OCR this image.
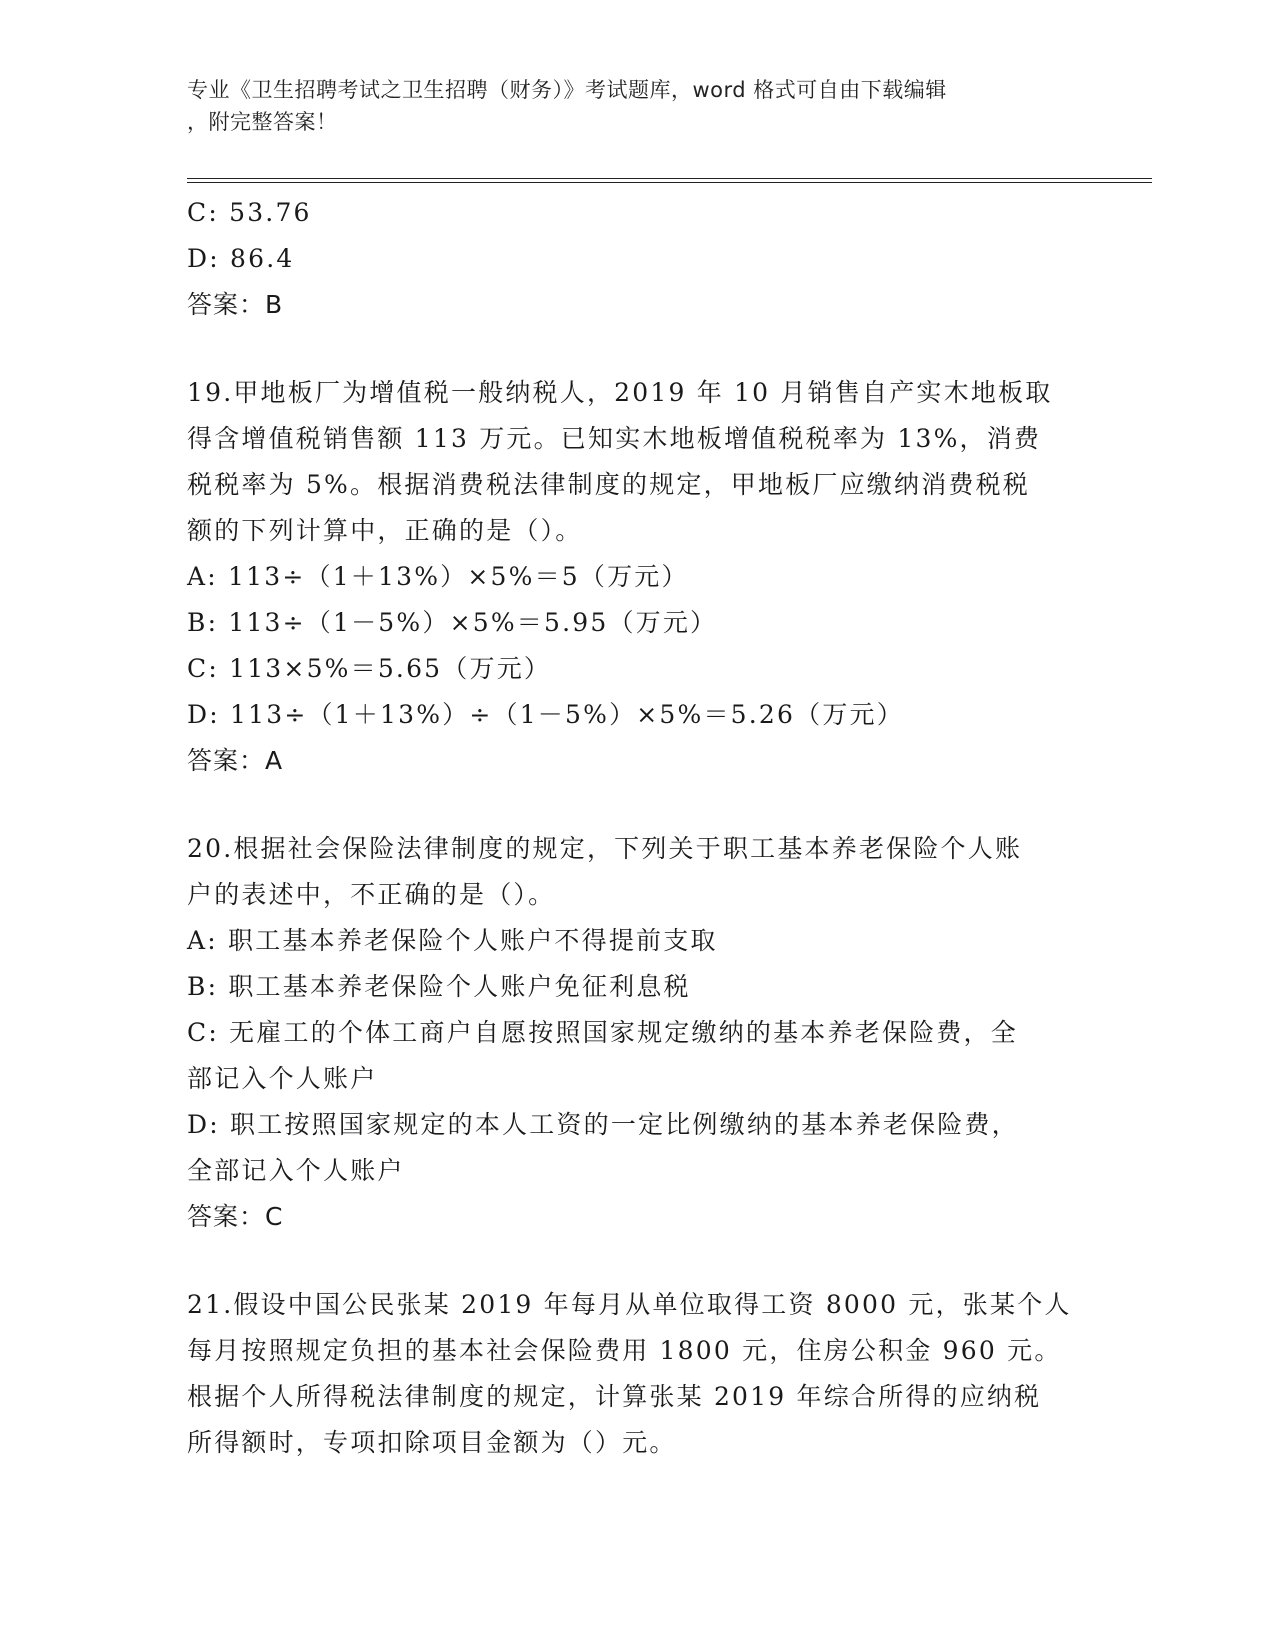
专业《卫生招聘考试之卫生招聘（财务）》考试题库，word 格式可自由下载编辑
，附完整答案！
C: 53.76
D: 86.4
答案：B
19.甲地板厂为增值税一般纳税人，2019 年 10 月销售自产实木地板取
得含增值税销售额 113 万元。已知实木地板增值税税率为 13%，消费
税税率为 5%。根据消费税法律制度的规定，甲地板厂应缴纳消费税税
额的下列计算中，正确的是（）。
A: 113÷（1＋13%）×5%＝5（万元）
B: 113÷（1－5%）×5%＝5.95（万元）
C: 113×5%＝5.65（万元）
D: 113÷（1＋13%）÷（1－5%）×5%＝5.26（万元）
答案：A
20.根据社会保险法律制度的规定，下列关于职工基本养老保险个人账
户的表述中，不正确的是（）。
A: 职工基本养老保险个人账户不得提前支取
B: 职工基本养老保险个人账户免征利息税
C: 无雇工的个体工商户自愿按照国家规定缴纳的基本养老保险费，全
部记入个人账户
D: 职工按照国家规定的本人工资的一定比例缴纳的基本养老保险费，
全部记入个人账户
答案：C
21.假设中国公民张某 2019 年每月从单位取得工资 8000 元，张某个人
每月按照规定负担的基本社会保险费用 1800 元，住房公积金 960 元。
根据个人所得税法律制度的规定，计算张某 2019 年综合所得的应纳税
所得额时，专项扣除项目金额为（）元。
